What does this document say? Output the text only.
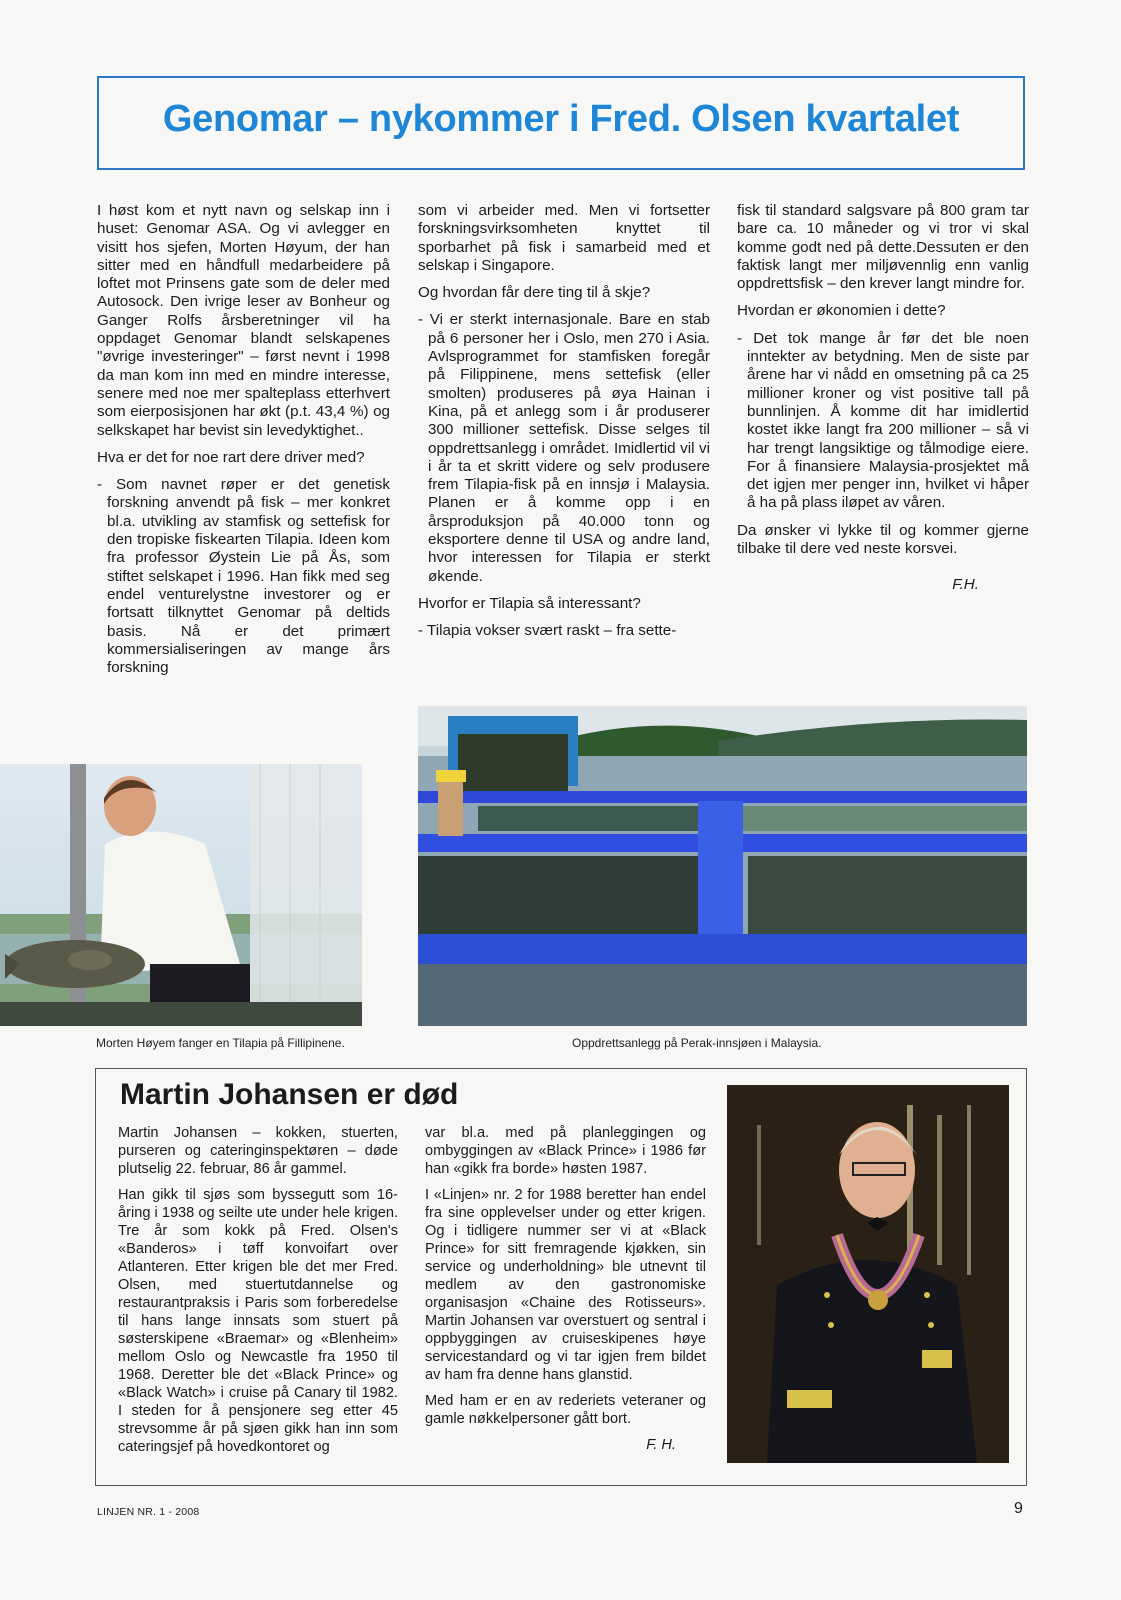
Genomar – nykommer i Fred. Olsen kvartalet

I høst kom et nytt navn og selskap inn i huset: Genomar ASA. Og vi avlegger en visitt hos sjefen, Morten Høyum, der han sitter med en håndfull medarbeidere på loftet mot Prinsens gate som de deler med Autosock. Den ivrige leser av Bonheur og Ganger Rolfs årsberetninger vil ha oppdaget Genomar blandt selskapenes "øvrige investeringer" – først nevnt i 1998 da man kom inn med en mindre interesse, senere med noe mer spalteplass etterhvert som eierposisjonen har økt (p.t. 43,4 %) og selkskapet har bevist sin levedyktighet..

Hva er det for noe rart dere driver med?

- Som navnet røper er det genetisk forskning anvendt på fisk – mer konkret bl.a. utvikling av stamfisk og settefisk for den tropiske fiskearten Tilapia. Ideen kom fra professor Øystein Lie på Ås, som stiftet selskapet i 1996. Han fikk med seg endel venturelystne investorer og er fortsatt tilknyttet Genomar på deltids basis. Nå er det primært kommersialiseringen av mange års forskning

som vi arbeider med. Men vi fortsetter forskningsvirksomheten knyttet til sporbarhet på fisk i samarbeid med et selskap i Singapore.

Og hvordan får dere ting til å skje?

- Vi er sterkt internasjonale. Bare en stab på 6 personer her i Oslo, men 270 i Asia. Avlsprogrammet for stamfisken foregår på Filippinene, mens settefisk (eller smolten) produseres på øya Hainan i Kina, på et anlegg som i år produserer 300 millioner settefisk. Disse selges til oppdrettsanlegg i området. Imidlertid vil vi i år ta et skritt videre og selv produsere frem Tilapia-fisk på en innsjø i Malaysia. Planen er å komme opp i en årsproduksjon på 40.000 tonn og eksportere denne til USA og andre land, hvor interessen for Tilapia er sterkt økende.

Hvorfor er Tilapia så interessant?

- Tilapia vokser svært raskt – fra sette-

fisk til standard salgsvare på 800 gram tar bare ca. 10 måneder og vi tror vi skal komme godt ned på dette.Dessuten er den faktisk langt mer miljøvennlig enn vanlig oppdrettsfisk – den krever langt mindre for.

Hvordan er økonomien i dette?

- Det tok mange år før det ble noen inntekter av betydning. Men de siste par årene har vi nådd en omsetning på ca 25 millioner kroner og vist positive tall på bunnlinjen. Å komme dit har imidlertid kostet ikke langt fra 200 millioner – så vi har trengt langsiktige og tålmodige eiere. For å finansiere Malaysia-prosjektet må det igjen mer penger inn, hvilket vi håper å ha på plass iløpet av våren.

Da ønsker vi lykke til og kommer gjerne tilbake til dere ved neste korsvei.

F.H.

Morten Høyem fanger en Tilapia på Fillipinene.	Oppdrettsanlegg på Perak-innsjøen i Malaysia.
Martin Johansen er død

Martin Johansen – kokken, stuerten, purseren og cateringinspektøren – døde plutselig 22. februar, 86 år gammel.

Han gikk til sjøs som byssegutt som 16-åring i 1938 og seilte ute under hele krigen. Tre år som kokk på Fred. Olsen's «Banderos» i tøff konvoifart over Atlanteren. Etter krigen ble det mer Fred. Olsen, med stuertutdannelse og restaurantpraksis i Paris som forberedelse til hans lange innsats som stuert på søsterskipene «Braemar» og «Blenheim» mellom Oslo og Newcastle fra 1950 til 1968. Deretter ble det «Black Prince» og «Black Watch» i cruise på Canary til 1982. I steden for å pensjonere seg etter 45 strevsomme år på sjøen gikk han inn som cateringsjef på hovedkontoret og

var bl.a. med på planleggingen og ombyggingen av «Black Prince» i 1986 før han «gikk fra borde» høsten 1987.

I «Linjen» nr. 2 for 1988 beretter han endel fra sine opplevelser under og etter krigen. Og i tidligere nummer ser vi at «Black Prince» for sitt fremragende kjøkken, sin service og underholdning» ble utnevnt til medlem av den gastronomiske organisasjon «Chaine des Rotisseurs». Martin Johansen var overstuert og sentral i oppbyggingen av cruiseskipenes høye servicestandard og vi tar igjen frem bildet av ham fra denne hans glanstid.

Med ham er en av rederiets veteraner og gamle nøkkelpersoner gått bort.

F. H.
LINJEN NR. 1 - 2008	9
